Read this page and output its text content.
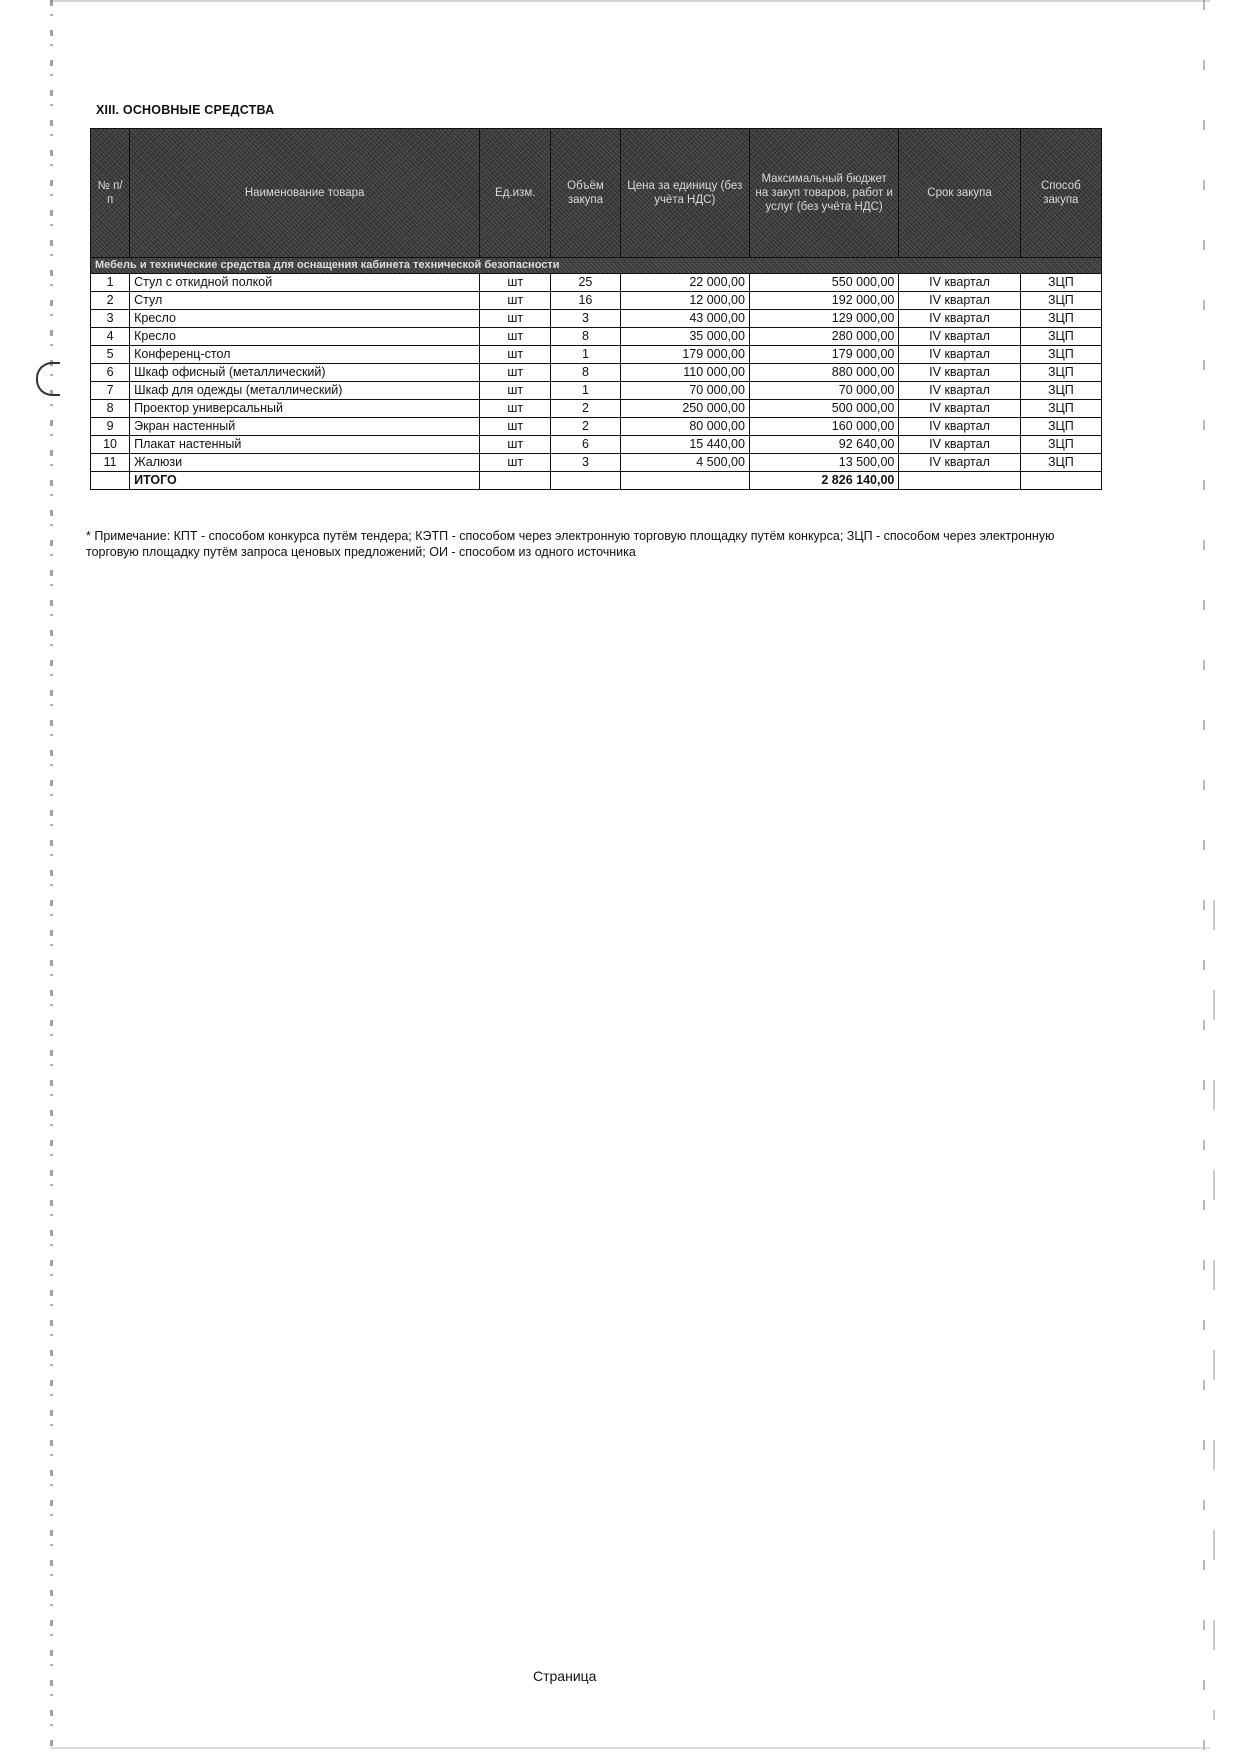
XIII. ОСНОВНЫЕ СРЕДСТВА
№ п/п	Наименование товара	Ед.изм.	Объём закупа	Цена за единицу (без учёта НДС)	Максимальный бюджет на закуп товаров, работ и услуг (без учёта НДС)	Срок закупа	Способ закупа
Мебель и технические средства для оснащения кабинета технической безопасности							
1	Стул с откидной полкой	шт	25	22 000,00	550 000,00	IV квартал	ЗЦП
2	Стул	шт	16	12 000,00	192 000,00	IV квартал	ЗЦП
3	Кресло	шт	3	43 000,00	129 000,00	IV квартал	ЗЦП
4	Кресло	шт	8	35 000,00	280 000,00	IV квартал	ЗЦП
5	Конференц-стол	шт	1	179 000,00	179 000,00	IV квартал	ЗЦП
6	Шкаф офисный (металлический)	шт	8	110 000,00	880 000,00	IV квартал	ЗЦП
7	Шкаф для одежды (металлический)	шт	1	70 000,00	70 000,00	IV квартал	ЗЦП
8	Проектор универсальный	шт	2	250 000,00	500 000,00	IV квартал	ЗЦП
9	Экран настенный	шт	2	80 000,00	160 000,00	IV квартал	ЗЦП
10	Плакат настенный	шт	6	15 440,00	92 640,00	IV квартал	ЗЦП
11	Жалюзи	шт	3	4 500,00	13 500,00	IV квартал	ЗЦП
	ИТОГО				2 826 140,00		
* Примечание: КПТ - способом конкурса путём тендера; КЭТП - способом через электронную торговую площадку путём конкурса; ЗЦП - способом через электронную торговую площадку путём запроса ценовых предложений; ОИ - способом из одного источника
Страница
